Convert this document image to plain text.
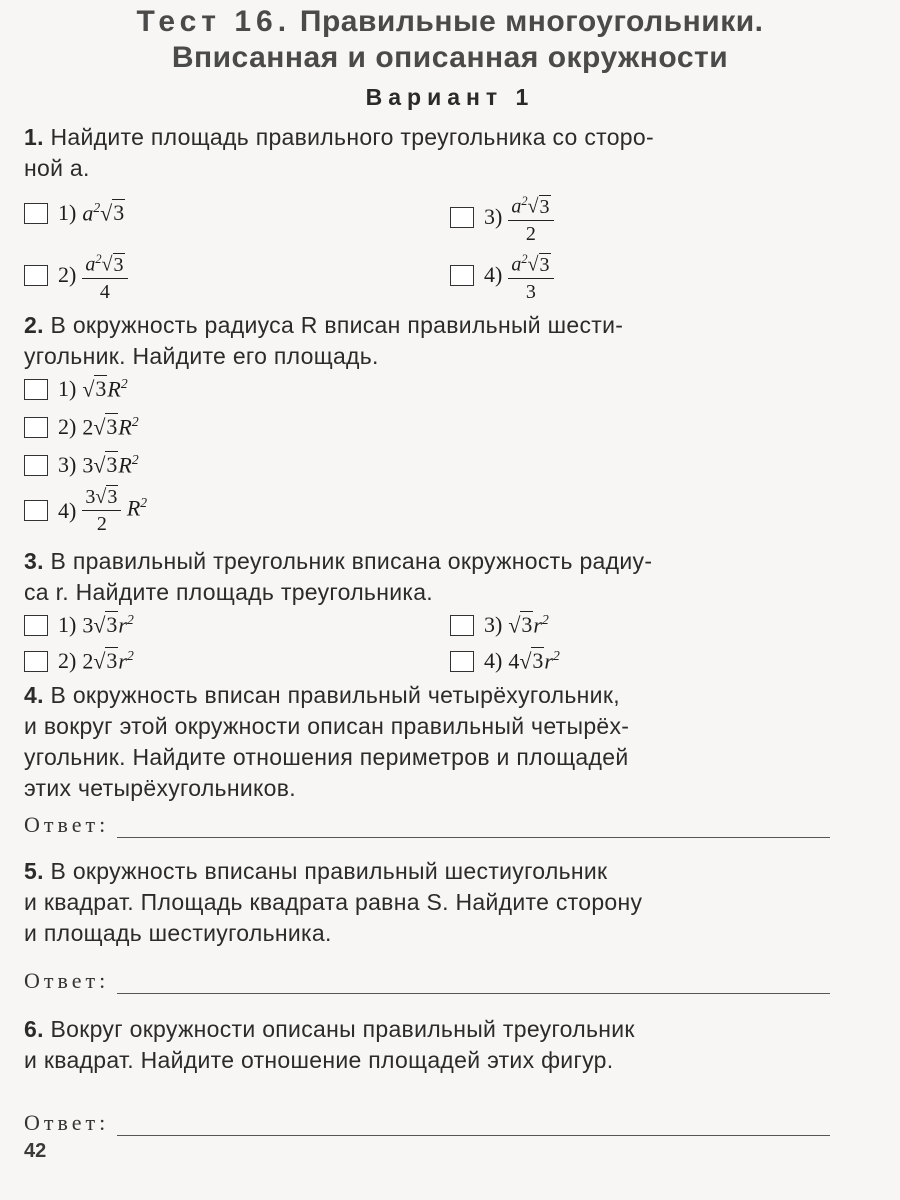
Тест 16. Правильные многоугольники.
Вписанная и описанная окружности
Вариант 1
1. Найдите площадь правильного треугольника со сторо-
ной a.
1) $a^2√3$	$3) \frac{a^2√3}{2}$
$2) \frac{a^2√3}{4}$	$4) \frac{a^2√3}{3}$
2. В окружность радиуса R вписан правильный шести-
угольник. Найдите его площадь.
1) $√3R^2$
2) $2√3R^2$
3) $3√3R^2$
$4) \frac{3√3}{2} R^2$
3. В правильный треугольник вписана окружность радиу-
са r. Найдите площадь треугольника.
1) $3√3r^2$	3) $√3r^2$
2) $2√3r^2$	4) $4√3r^2$
4. В окружность вписан правильный четырёхугольник,
и вокруг этой окружности описан правильный четырёх-
угольник. Найдите отношения периметров и площадей
этих четырёхугольников.
Ответ:
5. В окружность вписаны правильный шестиугольник
и квадрат. Площадь квадрата равна S. Найдите сторону
и площадь шестиугольника.
Ответ:
6. Вокруг окружности описаны правильный треугольник
и квадрат. Найдите отношение площадей этих фигур.
Ответ:
42
